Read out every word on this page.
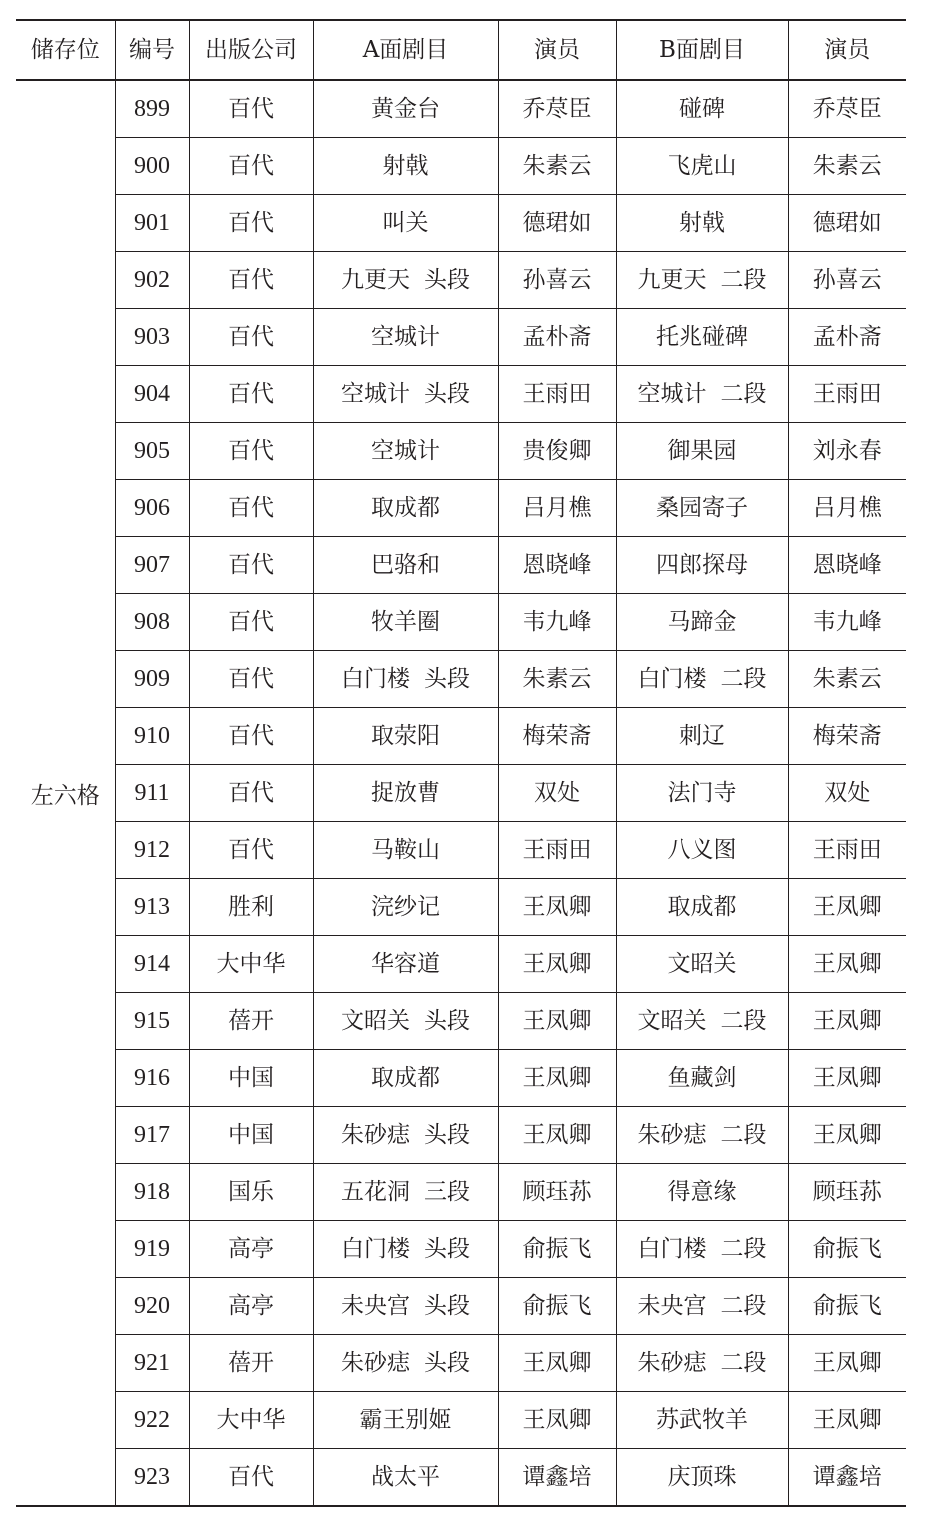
储存位	编号	出版公司	A面剧目	演员	B面剧目	演员
左六格	899	百代	黄金台	乔荩臣	碰碑	乔荩臣
	900	百代	射戟	朱素云	飞虎山	朱素云
	901	百代	叫关	德珺如	射戟	德珺如
	902	百代	九更天 头段	孙喜云	九更天 二段	孙喜云
	903	百代	空城计	孟朴斋	托兆碰碑	孟朴斋
	904	百代	空城计 头段	王雨田	空城计 二段	王雨田
	905	百代	空城计	贵俊卿	御果园	刘永春
	906	百代	取成都	吕月樵	桑园寄子	吕月樵
	907	百代	巴骆和	恩晓峰	四郎探母	恩晓峰
	908	百代	牧羊圈	韦九峰	马蹄金	韦九峰
	909	百代	白门楼 头段	朱素云	白门楼 二段	朱素云
	910	百代	取荥阳	梅荣斋	刺辽	梅荣斋
	911	百代	捉放曹	双处	法门寺	双处
	912	百代	马鞍山	王雨田	八义图	王雨田
	913	胜利	浣纱记	王凤卿	取成都	王凤卿
	914	大中华	华容道	王凤卿	文昭关	王凤卿
	915	蓓开	文昭关 头段	王凤卿	文昭关 二段	王凤卿
	916	中国	取成都	王凤卿	鱼藏剑	王凤卿
	917	中国	朱砂痣 头段	王凤卿	朱砂痣 二段	王凤卿
	918	国乐	五花洞 三段	顾珏荪	得意缘	顾珏荪
	919	高亭	白门楼 头段	俞振飞	白门楼 二段	俞振飞
	920	高亭	未央宫 头段	俞振飞	未央宫 二段	俞振飞
	921	蓓开	朱砂痣 头段	王凤卿	朱砂痣 二段	王凤卿
	922	大中华	霸王别姬	王凤卿	苏武牧羊	王凤卿
	923	百代	战太平	谭鑫培	庆顶珠	谭鑫培
